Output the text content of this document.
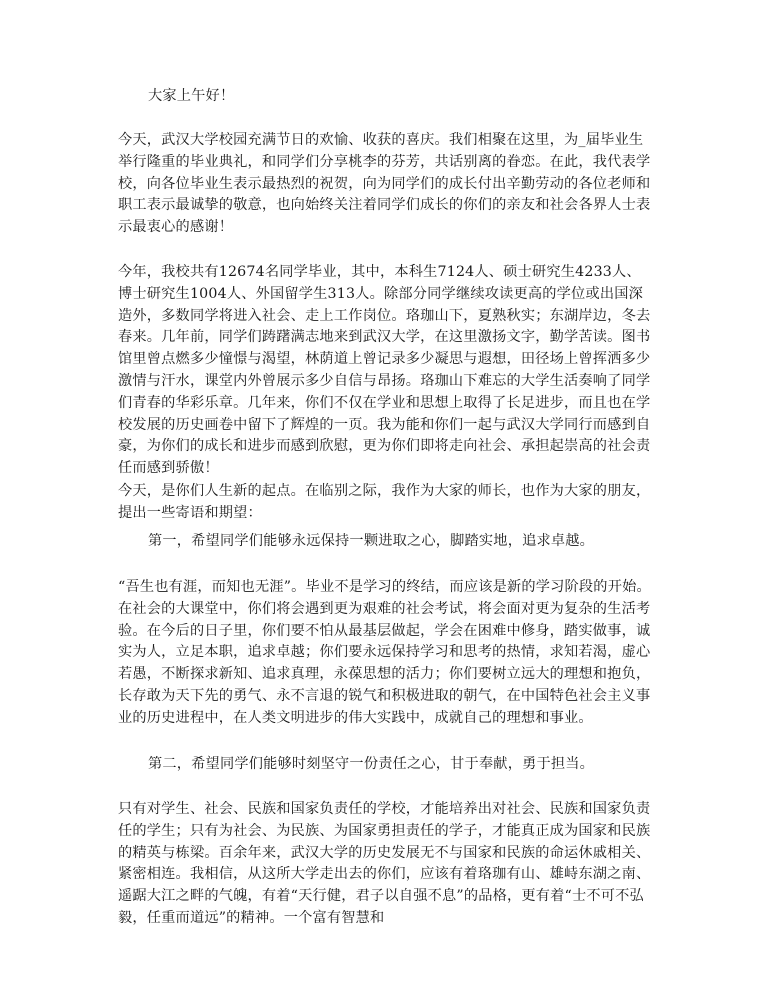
大家上午好！

今天，武汉大学校园充满节日的欢愉、收获的喜庆。我们相聚在这里，为_届毕业生举行隆重的毕业典礼，和同学们分享桃李的芬芳，共话别离的眷恋。在此，我代表学校，向各位毕业生表示最热烈的祝贺，向为同学们的成长付出辛勤劳动的各位老师和职工表示最诚挚的敬意，也向始终关注着同学们成长的你们的亲友和社会各界人士表示最衷心的感谢！

今年，我校共有12674名同学毕业，其中，本科生7124人、硕士研究生4233人、博士研究生1004人、外国留学生313人。除部分同学继续攻读更高的学位或出国深造外，多数同学将进入社会、走上工作岗位。珞珈山下，夏熟秋实；东湖岸边，冬去春来。几年前，同学们踌躇满志地来到武汉大学，在这里激扬文字，勤学苦读。图书馆里曾点燃多少憧憬与渴望，林荫道上曾记录多少凝思与遐想，田径场上曾挥洒多少激情与汗水，课堂内外曾展示多少自信与昂扬。珞珈山下难忘的大学生活奏响了同学们青春的华彩乐章。几年来，你们不仅在学业和思想上取得了长足进步，而且也在学校发展的历史画卷中留下了辉煌的一页。我为能和你们一起与武汉大学同行而感到自豪，为你们的成长和进步而感到欣慰，更为你们即将走向社会、承担起崇高的社会责任而感到骄傲！

今天，是你们人生新的起点。在临别之际，我作为大家的师长，也作为大家的朋友，提出一些寄语和期望：

第一，希望同学们能够永远保持一颗进取之心，脚踏实地，追求卓越。

“吾生也有涯，而知也无涯”。毕业不是学习的终结，而应该是新的学习阶段的开始。在社会的大课堂中，你们将会遇到更为艰难的社会考试，将会面对更为复杂的生活考验。在今后的日子里，你们要不怕从最基层做起，学会在困难中修身，踏实做事，诚实为人，立足本职，追求卓越；你们要永远保持学习和思考的热情，求知若渴，虚心若愚，不断探求新知、追求真理，永葆思想的活力；你们要树立远大的理想和抱负，长存敢为天下先的勇气、永不言退的锐气和积极进取的朝气，在中国特色社会主义事业的历史进程中，在人类文明进步的伟大实践中，成就自己的理想和事业。

第二，希望同学们能够时刻坚守一份责任之心，甘于奉献，勇于担当。

只有对学生、社会、民族和国家负责任的学校，才能培养出对社会、民族和国家负责任的学生；只有为社会、为民族、为国家勇担责任的学子，才能真正成为国家和民族的精英与栋梁。百余年来，武汉大学的历史发展无不与国家和民族的命运休戚相关、紧密相连。我相信，从这所大学走出去的你们，应该有着珞珈有山、雄峙东湖之南、遥踞大江之畔的气魄，有着“天行健，君子以自强不息”的品格，更有着“士不可不弘毅，任重而道远”的精神。一个富有智慧和
